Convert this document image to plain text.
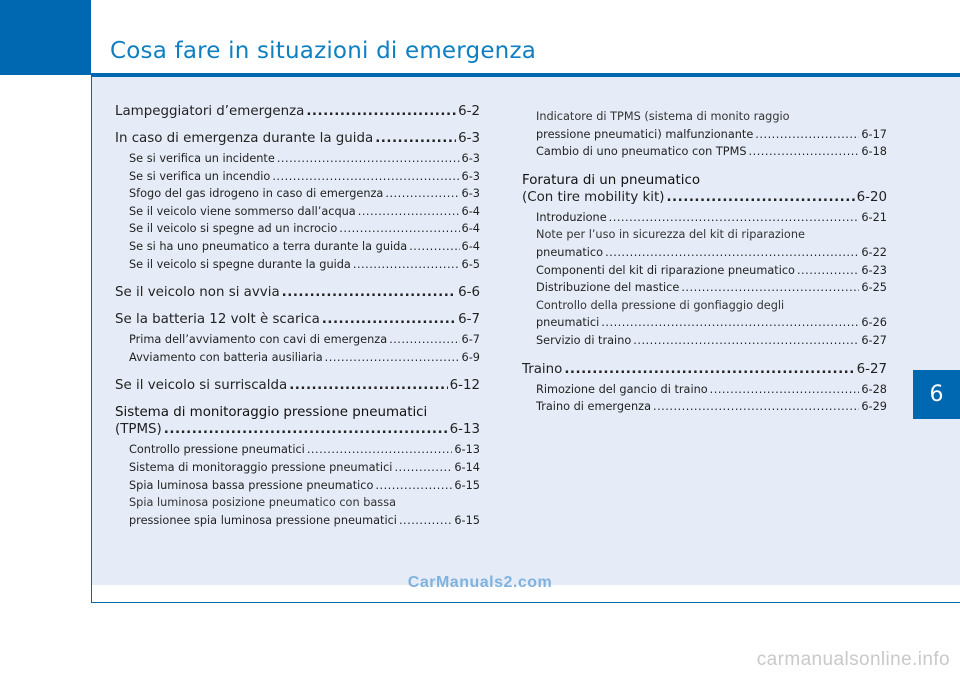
Cosa fare in situazioni di emergenza
6
Lampeggiatori d’emergenza .....	6-2
In caso di emergenza durante la guida .....	6-3
Se si verifica un incidente .....	6-3
Se si verifica un incendio .....	6-3
Sfogo del gas idrogeno in caso di emergenza .....	6-3
Se il veicolo viene sommerso dall’acqua .....	6-4
Se il veicolo si spegne ad un incrocio .....	6-4
Se si ha uno pneumatico a terra durante la guida .....	6-4
Se il veicolo si spegne durante la guida .....	6-5
Se il veicolo non si avvia .....	6-6
Se la batteria 12 volt è scarica .....	6-7
Prima dell’avviamento con cavi di emergenza .....	6-7
Avviamento con batteria ausiliaria .....	6-9
Se il veicolo si surriscalda .....	6-12
Sistema di monitoraggio pressione pneumatici
(TPMS) .....	6-13
Controllo pressione pneumatici .....	6-13
Sistema di monitoraggio pressione pneumatici .....	6-14
Spia luminosa bassa pressione pneumatico .....	6-15
Spia luminosa posizione pneumatico con bassa
pressionee spia luminosa pressione pneumatici .....	6-15
Indicatore di TPMS (sistema di monito raggio
pressione pneumatici) malfunzionante .....	6-17
Cambio di uno pneumatico con TPMS .....	6-18
Foratura di un pneumatico
(Con tire mobility kit) .....	6-20
Introduzione .....	6-21
Note per l’uso in sicurezza del kit di riparazione
pneumatico .....	6-22
Componenti del kit di riparazione pneumatico .....	6-23
Distribuzione del mastice .....	6-25
Controllo della pressione di gonfiaggio degli
pneumatici .....	6-26
Servizio di traino .....	6-27
Traino .....	6-27
Rimozione del gancio di traino .....	6-28
Traino di emergenza .....	6-29
CarManuals2.com
carmanualsonline.info
